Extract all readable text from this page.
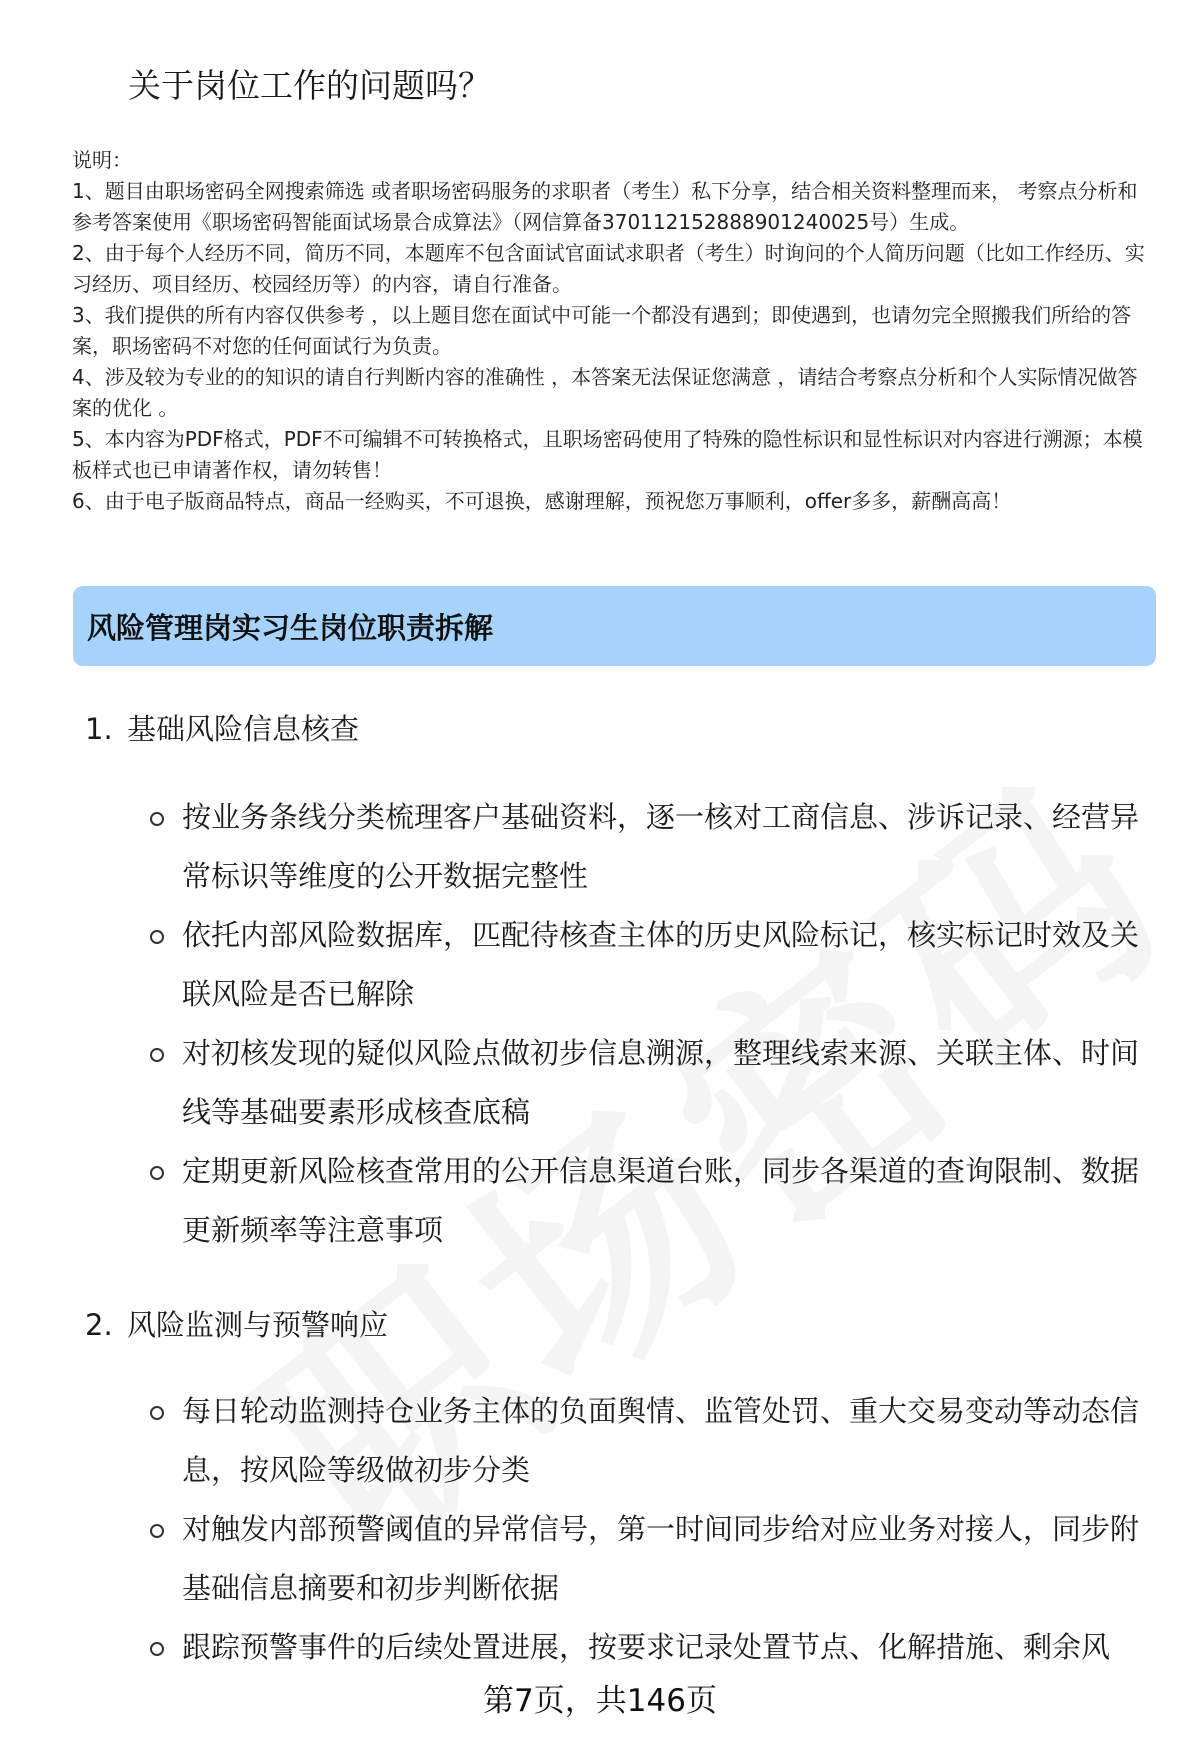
关于岗位工作的问题吗？

说明：

1、题目由职场密码全网搜索筛选 或者职场密码服务的求职者（考生）私下分享，结合相关资料整理而来， 考察点分析和参考答案使用《职场密码智能面试场景合成算法》（网信算备370112152888901240025号）生成。

2、由于每个人经历不同，简历不同，本题库不包含面试官面试求职者（考生）时询问的个人简历问题（比如工作经历、实习经历、项目经历、校园经历等）的内容，请自行准备。

3、我们提供的所有内容仅供参考 ，以上题目您在面试中可能一个都没有遇到；即使遇到，也请勿完全照搬我们所给的答案，职场密码不对您的任何面试行为负责。

4、涉及较为专业的的知识的请自行判断内容的准确性 ，本答案无法保证您满意 ，请结合考察点分析和个人实际情况做答案的优化 。

5、本内容为PDF格式，PDF不可编辑不可转换格式，且职场密码使用了特殊的隐性标识和显性标识对内容进行溯源；本模板样式也已申请著作权，请勿转售！

6、由于电子版商品特点，商品一经购买，不可退换，感谢理解，预祝您万事顺利，offer多多，薪酬高高！

风险管理岗实习生岗位职责拆解
1. 基础风险信息核查
按业务条线分类梳理客户基础资料，逐一核对工商信息、涉诉记录、经营异常标识等维度的公开数据完整性
依托内部风险数据库，匹配待核查主体的历史风险标记，核实标记时效及关联风险是否已解除
对初核发现的疑似风险点做初步信息溯源，整理线索来源、关联主体、时间线等基础要素形成核查底稿
定期更新风险核查常用的公开信息渠道台账，同步各渠道的查询限制、数据更新频率等注意事项
2. 风险监测与预警响应
每日轮动监测持仓业务主体的负面舆情、监管处罚、重大交易变动等动态信息，按风险等级做初步分类
对触发内部预警阈值的异常信号，第一时间同步给对应业务对接人，同步附基础信息摘要和初步判断依据
跟踪预警事件的后续处置进展，按要求记录处置节点、化解措施、剩余风
第7页，共146页
